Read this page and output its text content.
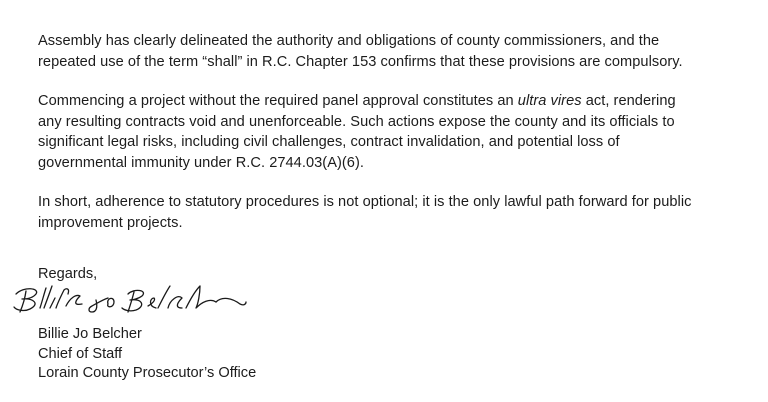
Assembly has clearly delineated the authority and obligations of county commissioners, and the
repeated use of the term “shall” in R.C. Chapter 153 confirms that these provisions are compulsory.

Commencing a project without the required panel approval constitutes an ultra vires act, rendering
any resulting contracts void and unenforceable. Such actions expose the county and its officials to
significant legal risks, including civil challenges, contract invalidation, and potential loss of
governmental immunity under R.C. 2744.03(A)(6).

In short, adherence to statutory procedures is not optional; it is the only lawful path forward for public
improvement projects.

Regards,

Billie Jo Belcher
Chief of Staff
Lorain County Prosecutor’s Office
